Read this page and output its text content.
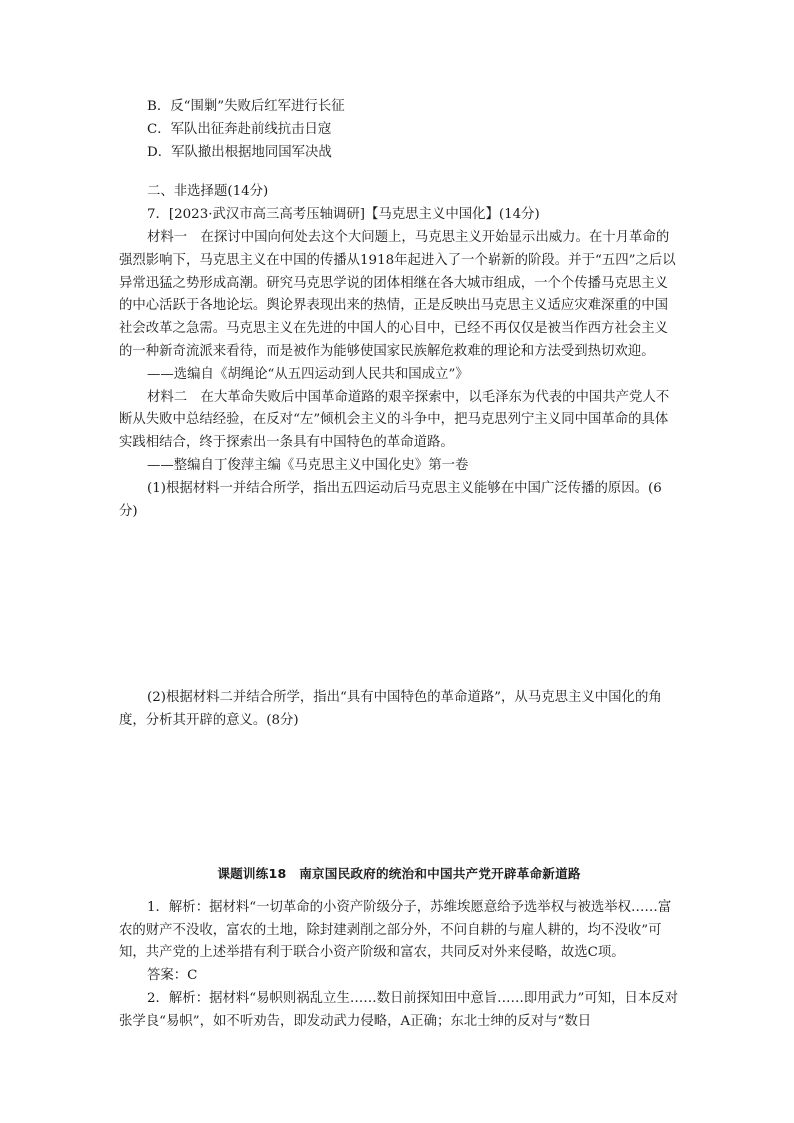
B．反“围剿”失败后红军进行长征

C．军队出征奔赴前线抗击日寇

D．军队撤出根据地同国军决战

二、非选择题(14分)

7．[2023·武汉市高三高考压轴调研]【马克思主义中国化】(14分)

材料一　在探讨中国向何处去这个大问题上，马克思主义开始显示出威力。在十月革命的强烈影响下，马克思主义在中国的传播从1918年起进入了一个崭新的阶段。并于“五四”之后以异常迅猛之势形成高潮。研究马克思学说的团体相继在各大城市组成，一个个传播马克思主义的中心活跃于各地论坛。舆论界表现出来的热情，正是反映出马克思主义适应灾难深重的中国社会改革之急需。马克思主义在先进的中国人的心目中，已经不再仅仅是被当作西方社会主义的一种新奇流派来看待，而是被作为能够使国家民族解危救难的理论和方法受到热切欢迎。

——选编自《胡绳论“从五四运动到人民共和国成立”》

材料二　在大革命失败后中国革命道路的艰辛探索中，以毛泽东为代表的中国共产党人不断从失败中总结经验，在反对“左”倾机会主义的斗争中，把马克思列宁主义同中国革命的具体实践相结合，终于探索出一条具有中国特色的革命道路。

——整编自丁俊萍主编《马克思主义中国化史》第一卷

(1)根据材料一并结合所学，指出五四运动后马克思主义能够在中国广泛传播的原因。(6分)

(2)根据材料二并结合所学，指出“具有中国特色的革命道路”，从马克思主义中国化的角度，分析其开辟的意义。(8分)

课题训练18　南京国民政府的统治和中国共产党开辟革命新道路

1．解析：据材料“一切革命的小资产阶级分子，苏维埃愿意给予选举权与被选举权……富农的财产不没收，富农的土地，除封建剥削之部分外，不问自耕的与雇人耕的，均不没收”可知，共产党的上述举措有利于联合小资产阶级和富农，共同反对外来侵略，故选C项。

答案：C

2．解析：据材料“易帜则祸乱立生……数日前探知田中意旨……即用武力”可知，日本反对张学良“易帜”，如不听劝告，即发动武力侵略，A正确；东北士绅的反对与“数日
